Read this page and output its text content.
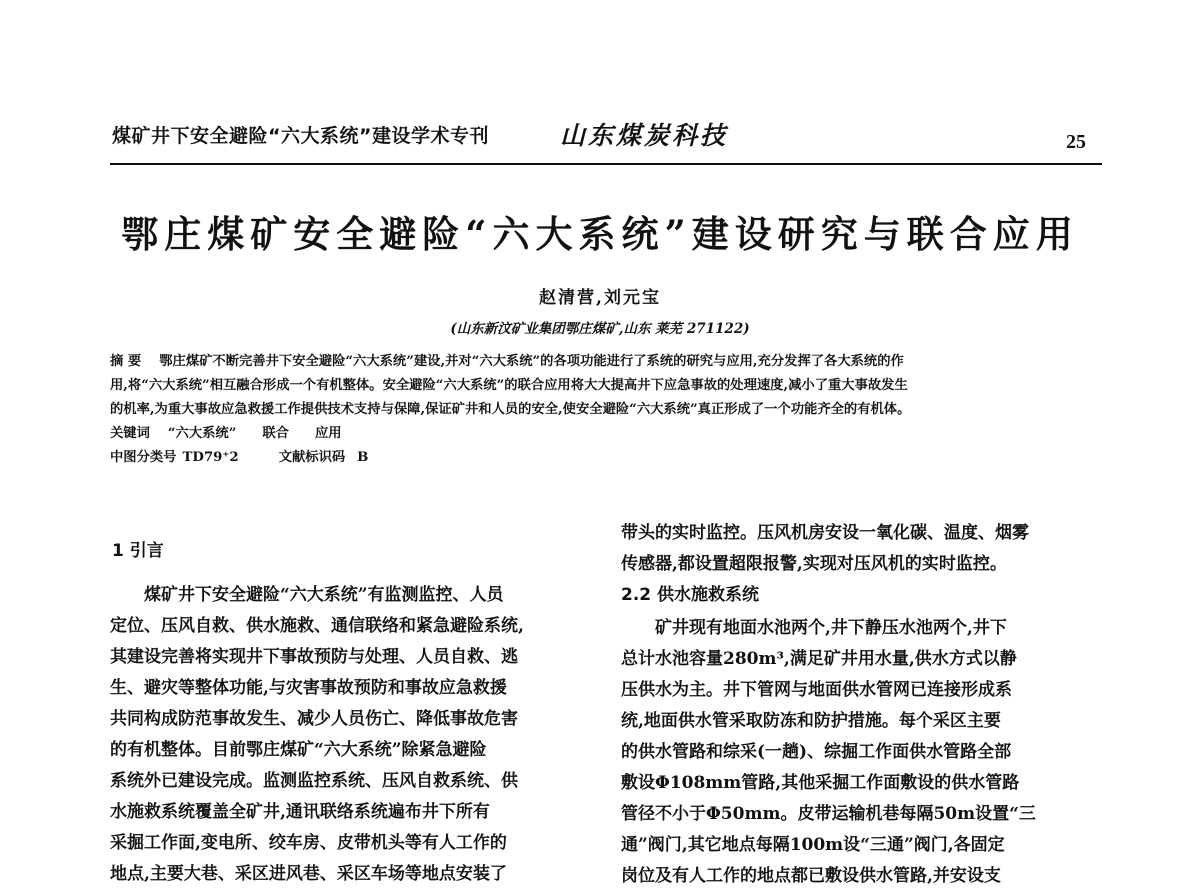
煤矿井下安全避险“六大系统”建设学术专刊	山东煤炭科技	25
鄂庄煤矿安全避险“六大系统”建设研究与联合应用
赵清营,刘元宝
(山东新汶矿业集团鄂庄煤矿,山东 莱芜 271122)
摘 要 鄂庄煤矿不断完善井下安全避险“六大系统”建设,并对“六大系统”的各项功能进行了系统的研究与应用,充分发挥了各大系统的作
用,将“六大系统”相互融合形成一个有机整体。安全避险“六大系统”的联合应用将大大提高井下应急事故的处理速度,减小了重大事故发生
的机率,为重大事故应急救援工作提供技术支持与保障,保证矿井和人员的安全,使安全避险“六大系统”真正形成了一个功能齐全的有机体。
关键词 “六大系统” 联合 应用
中图分类号 TD79⁺2	文献标识码 B
1 引言
　　煤矿井下安全避险“六大系统”有监测监控、人员
定位、压风自救、供水施救、通信联络和紧急避险系统,
其建设完善将实现井下事故预防与处理、人员自救、逃
生、避灾等整体功能,与灾害事故预防和事故应急救援
共同构成防范事故发生、减少人员伤亡、降低事故危害
的有机整体。目前鄂庄煤矿“六大系统”除紧急避险
系统外已建设完成。监测监控系统、压风自救系统、供
水施救系统覆盖全矿井,通讯联络系统遍布井下所有
采掘工作面,变电所、绞车房、皮带机头等有人工作的
地点,主要大巷、采区进风巷、采区车场等地点安装了
带头的实时监控。压风机房安设一氧化碳、温度、烟雾
传感器,都设置超限报警,实现对压风机的实时监控。
2.2 供水施救系统
　　矿井现有地面水池两个,井下静压水池两个,井下
总计水池容量280m³,满足矿井用水量,供水方式以静
压供水为主。井下管网与地面供水管网已连接形成系
统,地面供水管采取防冻和防护措施。每个采区主要
的供水管路和综采(一趟)、综掘工作面供水管路全部
敷设Φ108mm管路,其他采掘工作面敷设的供水管路
管径不小于Φ50mm。皮带运输机巷每隔50m设置“三
通”阀门,其它地点每隔100m设“三通”阀门,各固定
岗位及有人工作的地点都已敷设供水管路,并安设支
